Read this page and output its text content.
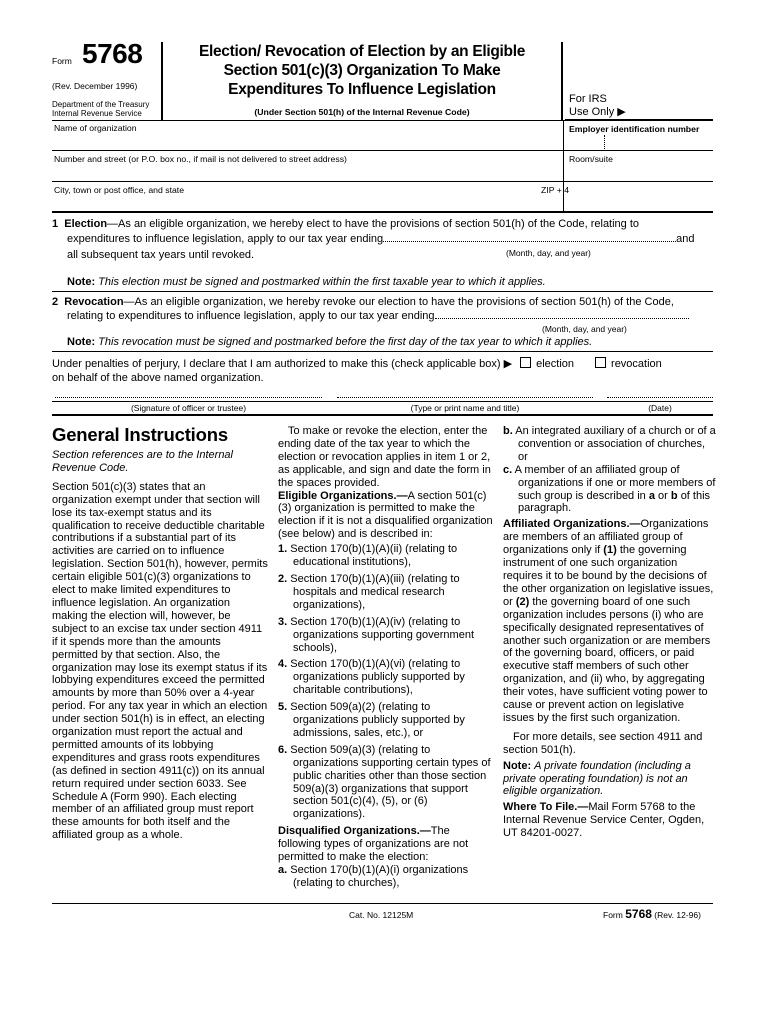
Form 5768
(Rev. December 1996)
Department of the Treasury
Internal Revenue Service
Election/ Revocation of Election by an Eligible
Section 501(c)(3) Organization To Make
Expenditures To Influence Legislation
(Under Section 501(h) of the Internal Revenue Code)
For IRS
Use Only ▶
Name of organization	Employer identification number
Number and street (or P.O. box no., if mail is not delivered to street address)	Room/suite
City, town or post office, and state	ZIP + 4
1 Election—As an eligible organization, we hereby elect to have the provisions of section 501(h) of the Code, relating to
expenditures to influence legislation, apply to our tax year ending	and
all subsequent tax years until revoked.	(Month, day, and year)
Note: This election must be signed and postmarked within the first taxable year to which it applies.
2 Revocation—As an eligible organization, we hereby revoke our election to have the provisions of section 501(h) of the Code,
relating to expenditures to influence legislation, apply to our tax year ending
(Month, day, and year)
Note: This revocation must be signed and postmarked before the first day of the tax year to which it applies.
Under penalties of perjury, I declare that I am authorized to make this (check applicable box) ▶ election	revocation
on behalf of the above named organization.
(Signature of officer or trustee)	(Type or print name and title)	(Date)
General Instructions

Section references are to the Internal Revenue Code.

Section 501(c)(3) states that an organization exempt under that section will lose its tax-exempt status and its qualification to receive deductible charitable contributions if a substantial part of its activities are carried on to influence legislation. Section 501(h), however, permits certain eligible 501(c)(3) organizations to elect to make limited expenditures to influence legislation. An organization making the election will, however, be subject to an excise tax under section 4911 if it spends more than the amounts permitted by that section. Also, the organization may lose its exempt status if its lobbying expenditures exceed the permitted amounts by more than 50% over a 4-year period. For any tax year in which an election under section 501(h) is in effect, an electing organization must report the actual and permitted amounts of its lobbying expenditures and grass roots expenditures (as defined in section 4911(c)) on its annual return required under section 6033. See Schedule A (Form 990). Each electing member of an affiliated group must report these amounts for both itself and the affiliated group as a whole.

To make or revoke the election, enter the ending date of the tax year to which the election or revocation applies in item 1 or 2, as applicable, and sign and date the form in the spaces provided.

Eligible Organizations.—A section 501(c)(3) organization is permitted to make the election if it is not a disqualified organization (see below) and is described in:

1. Section 170(b)(1)(A)(ii) (relating to educational institutions),

2. Section 170(b)(1)(A)(iii) (relating to hospitals and medical research organizations),

3. Section 170(b)(1)(A)(iv) (relating to organizations supporting government schools),

4. Section 170(b)(1)(A)(vi) (relating to organizations publicly supported by charitable contributions),

5. Section 509(a)(2) (relating to organizations publicly supported by admissions, sales, etc.), or

6. Section 509(a)(3) (relating to organizations supporting certain types of public charities other than those section 509(a)(3) organizations that support section 501(c)(4), (5), or (6) organizations).

Disqualified Organizations.—The following types of organizations are not permitted to make the election:

a. Section 170(b)(1)(A)(i) organizations (relating to churches),

b. An integrated auxiliary of a church or of a convention or association of churches, or

c. A member of an affiliated group of organizations if one or more members of such group is described in a or b of this paragraph.

Affiliated Organizations.—Organizations are members of an affiliated group of organizations only if (1) the governing instrument of one such organization requires it to be bound by the decisions of the other organization on legislative issues, or (2) the governing board of one such organization includes persons (i) who are specifically designated representatives of another such organization or are members of the governing board, officers, or paid executive staff members of such other organization, and (ii) who, by aggregating their votes, have sufficient voting power to cause or prevent action on legislative issues by the first such organization.

For more details, see section 4911 and section 501(h).

Note: A private foundation (including a private operating foundation) is not an eligible organization.

Where To File.—Mail Form 5768 to the Internal Revenue Service Center, Ogden, UT 84201-0027.

Cat. No. 12125M	Form 5768 (Rev. 12-96)
